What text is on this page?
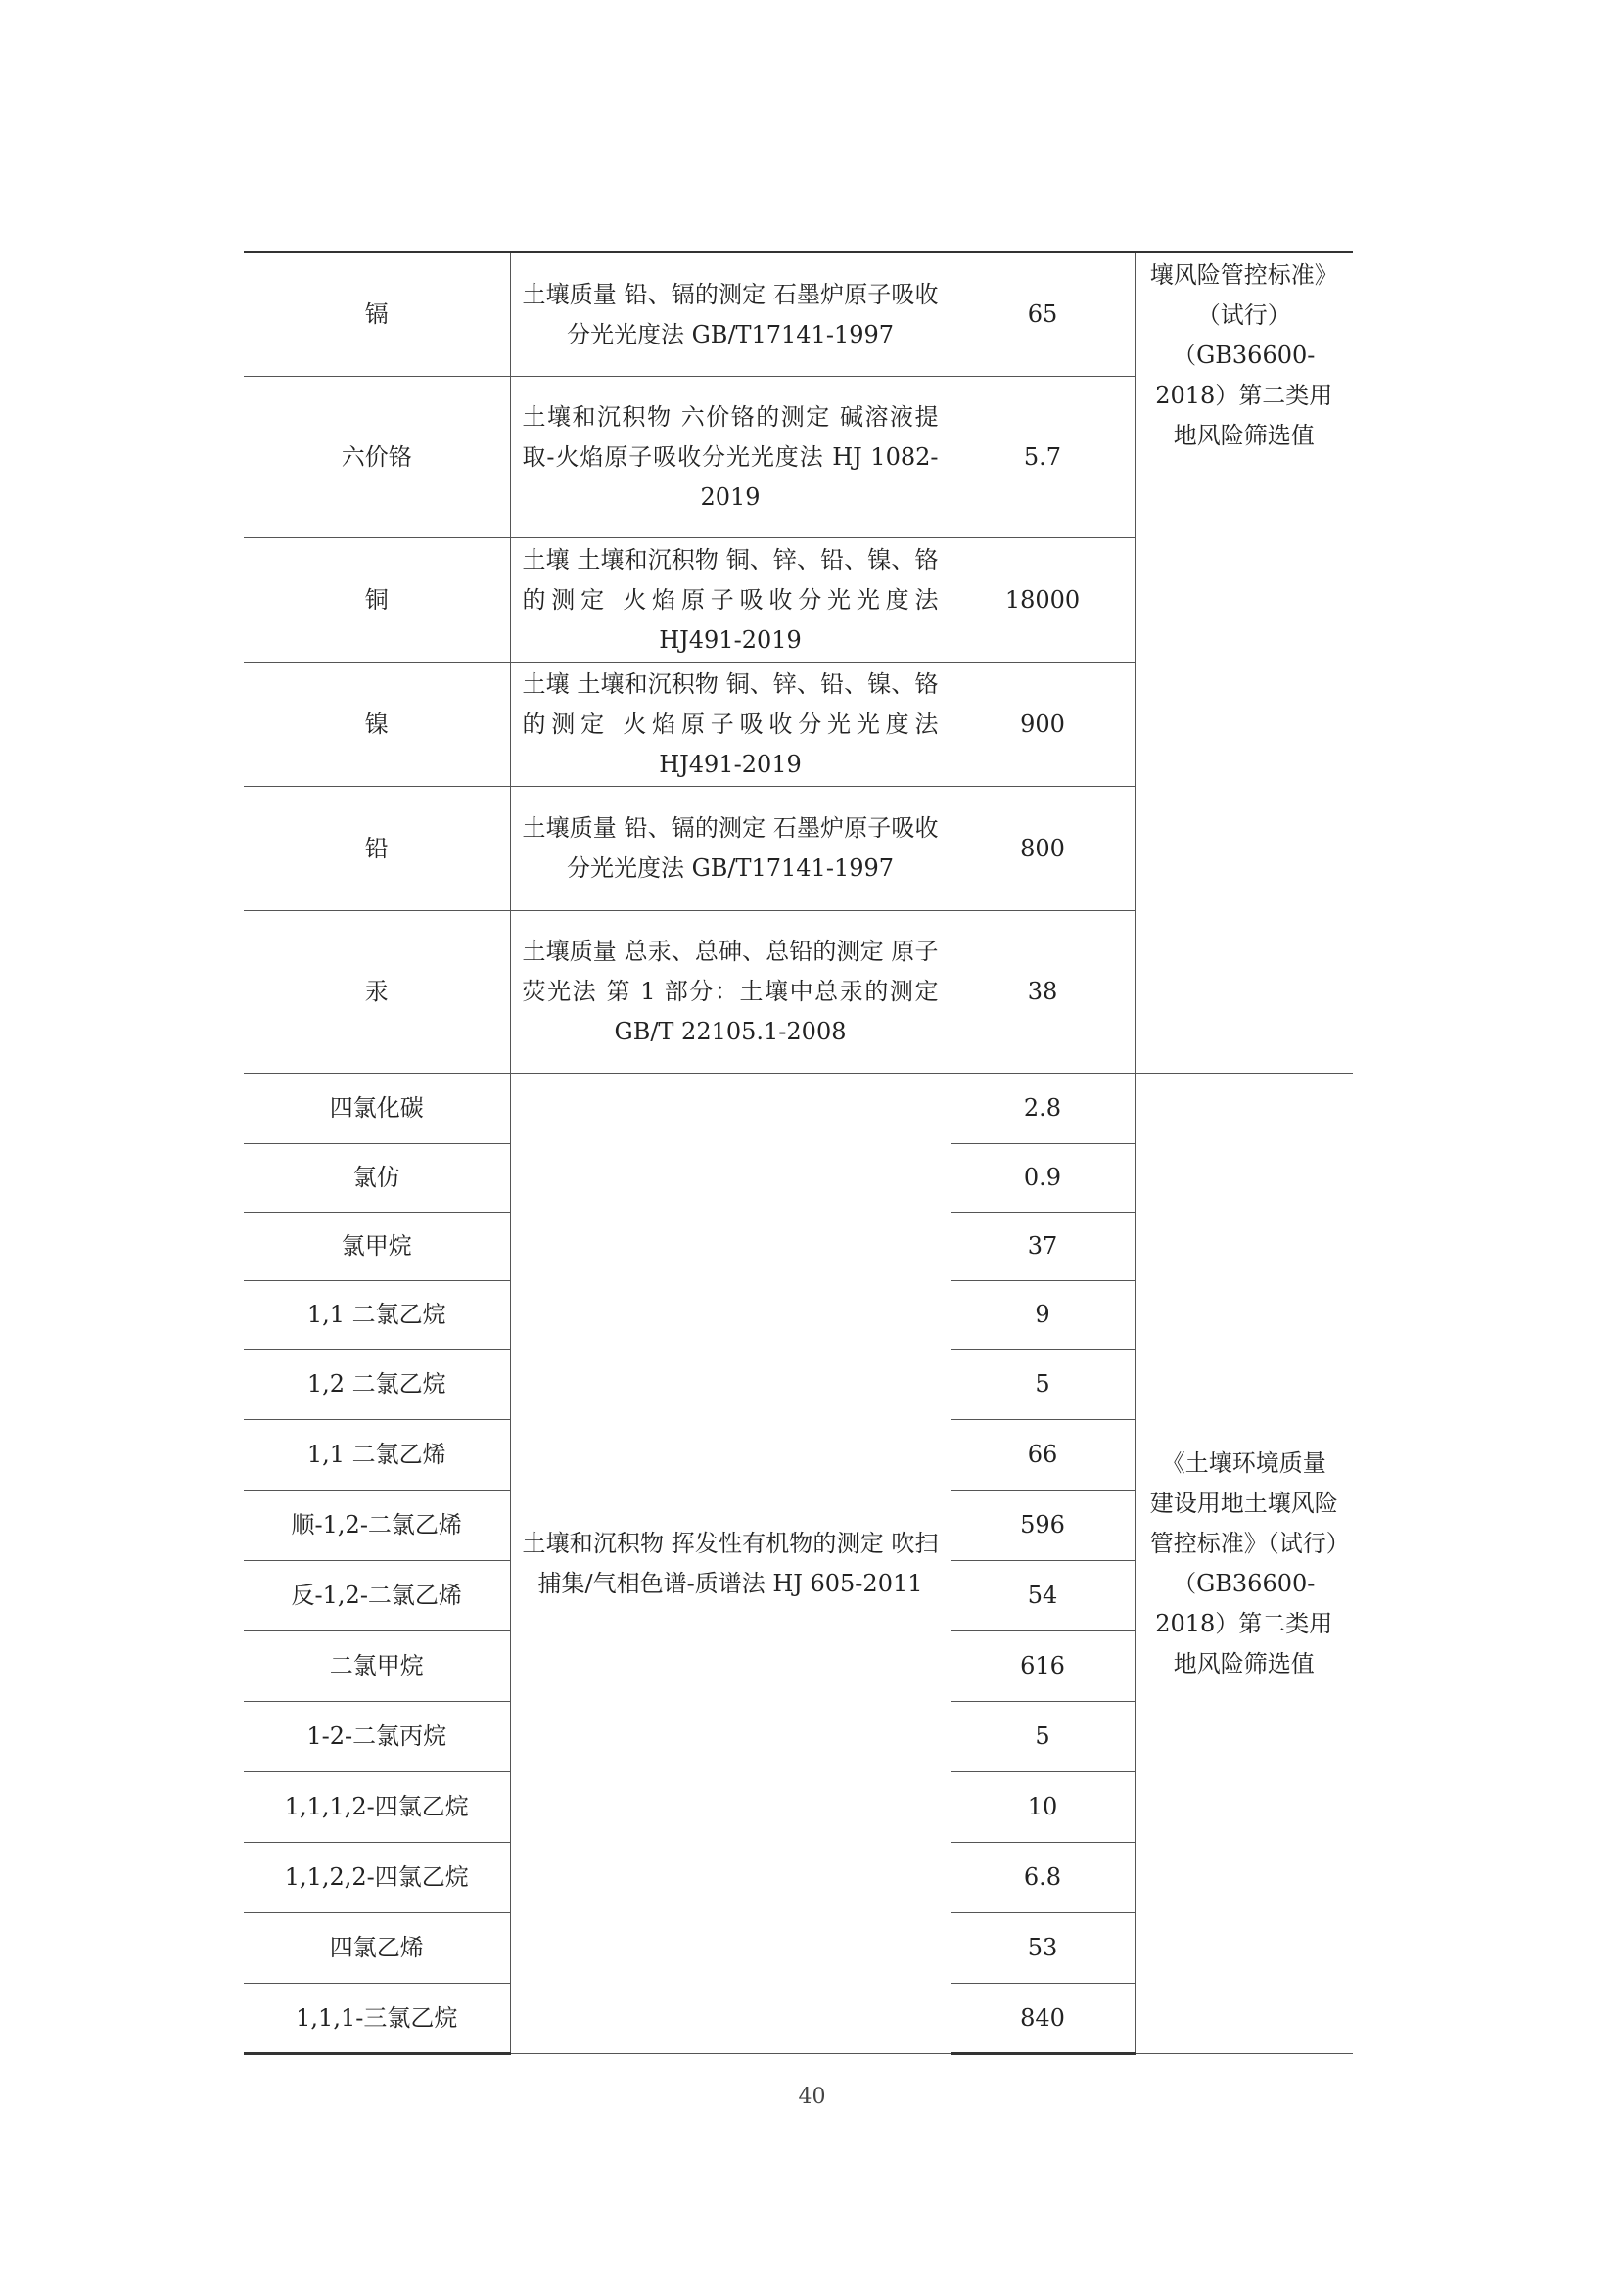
镉	土壤质量 铅、镉的测定 石墨炉原子吸收分光光度法 GB/T17141-1997	65	壤风险管控标准》（试行）（GB36600-2018）第二类用地风险筛选值
六价铬	土壤和沉积物 六价铬的测定 碱溶液提取-火焰原子吸收分光光度法 HJ 1082-2019	5.7	
铜	土壤 土壤和沉积物 铜、锌、铅、镍、铬的测定 火焰原子吸收分光光度法 HJ491-2019	18000	
镍	土壤 土壤和沉积物 铜、锌、铅、镍、铬的测定 火焰原子吸收分光光度法 HJ491-2019	900	
铅	土壤质量 铅、镉的测定 石墨炉原子吸收分光光度法 GB/T17141-1997	800	
汞	土壤质量 总汞、总砷、总铅的测定 原子荧光法 第 1 部分：土壤中总汞的测定 GB/T 22105.1-2008	38	
四氯化碳	土壤和沉积物 挥发性有机物的测定 吹扫捕集/气相色谱-质谱法 HJ 605-2011	2.8	《土壤环境质量 建设用地土壤风险管控标准》（试行）（GB36600-2018）第二类用地风险筛选值
氯仿		0.9	
氯甲烷		37	
1,1 二氯乙烷		9	
1,2 二氯乙烷		5	
1,1 二氯乙烯		66	
顺-1,2-二氯乙烯		596	
反-1,2-二氯乙烯		54	
二氯甲烷		616	
1-2-二氯丙烷		5	
1,1,1,2-四氯乙烷		10	
1,1,2,2-四氯乙烷		6.8	
四氯乙烯		53	
1,1,1-三氯乙烷		840	
40
